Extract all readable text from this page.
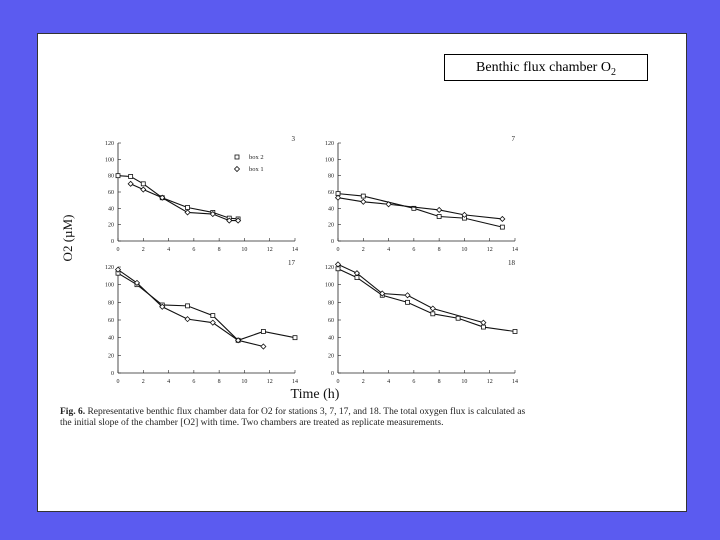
Benthic flux chamber $O_2$
0	2	4	6	8	10	12	14
0
20
40
60
80
100
120
3
box 2
box 1
0	2	4	6	8	10	12	14
0
20
40
60
80
100
120
7
0	2	4	6	8	10	12	14
0
20
40
60
80
100
120
17
0	2	4	6	8	10	12	14
0
20
40
60
80
100
120
18
O2 (µM)
Time (h)
Fig. 6. Representative benthic flux chamber data for O2 for stations 3, 7, 17, and 18. The total oxygen flux is calculated as the initial slope of the chamber [O2] with time. Two chambers are treated as replicate measurements.
